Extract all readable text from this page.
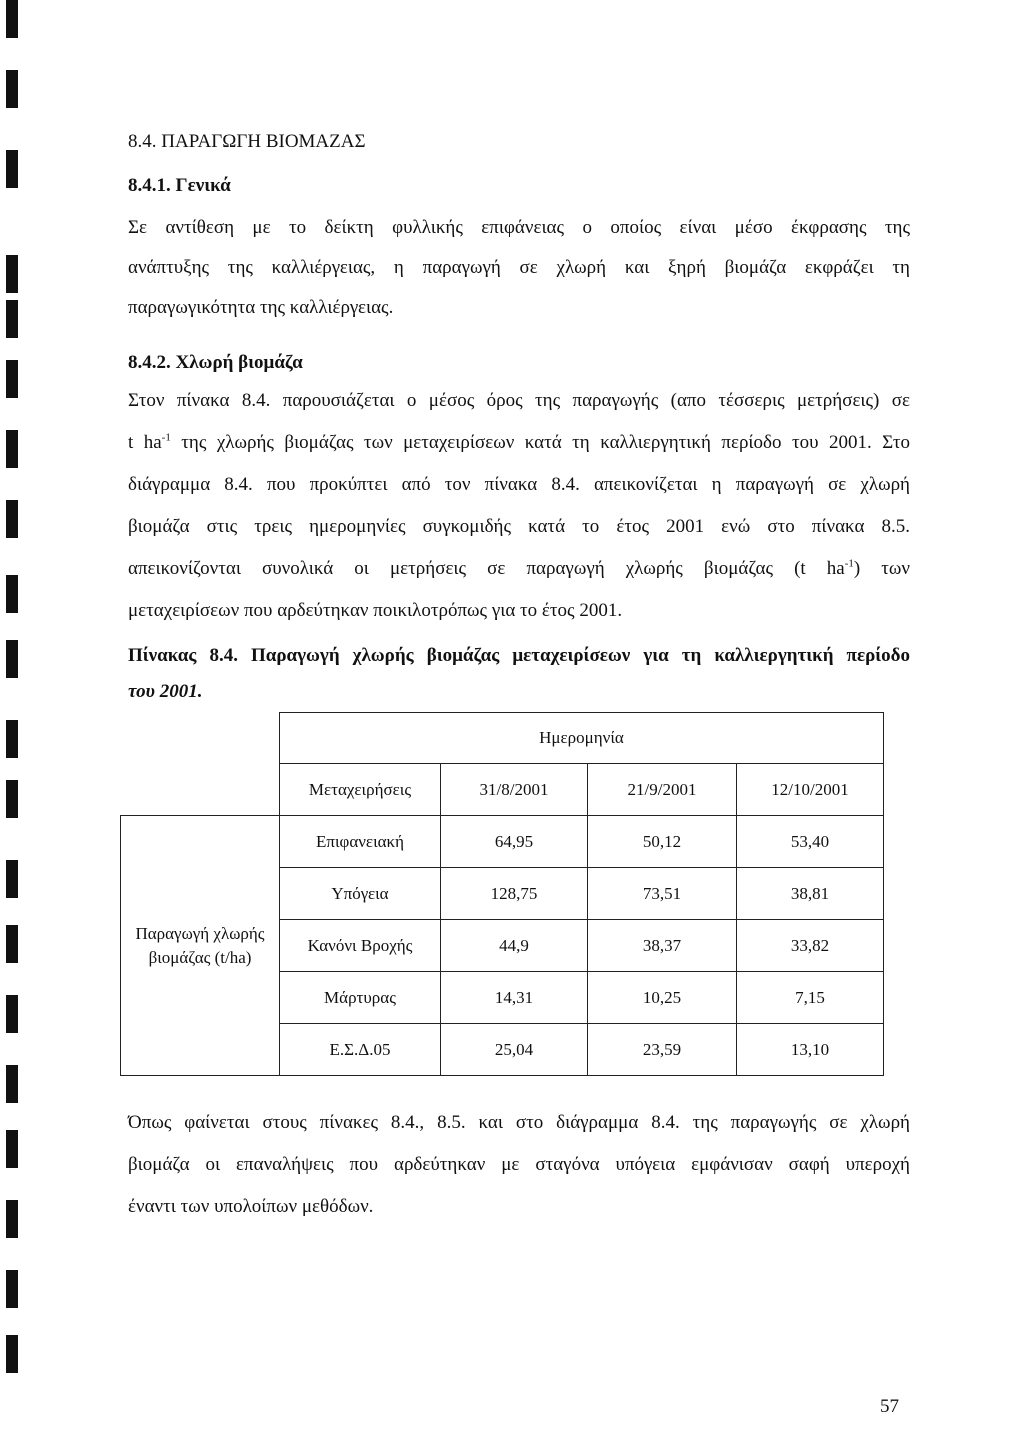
8.4. ΠΑΡΑΓΩΓΗ ΒΙΟΜΑΖΑΣ
8.4.1. Γενικά
Σε αντίθεση με το δείκτη φυλλικής επιφάνειας ο οποίος είναι μέσο έκφρασης της
ανάπτυξης της καλλιέργειας, η παραγωγή σε χλωρή και ξηρή βιομάζα εκφράζει τη
παραγωγικότητα της καλλιέργειας.
8.4.2. Χλωρή βιομάζα
Στον πίνακα 8.4. παρουσιάζεται ο μέσος όρος της παραγωγής (απο τέσσερις μετρήσεις) σε
t $ha^{-1}$ της χλωρής βιομάζας των μεταχειρίσεων κατά τη καλλιεργητική περίοδο του 2001. Στο
διάγραμμα 8.4. που προκύπτει από τον πίνακα 8.4. απεικονίζεται η παραγωγή σε χλωρή
βιομάζα στις τρεις ημερομηνίες συγκομιδής κατά το έτος 2001 ενώ στο πίνακα 8.5.
απεικονίζονται συνολικά οι μετρήσεις σε παραγωγή χλωρής βιομάζας (t $ha^{-1}$) των
μεταχειρίσεων που αρδεύτηκαν ποικιλοτρόπως για το έτος 2001.
Πίνακας 8.4. Παραγωγή χλωρής βιομάζας μεταχειρίσεων για τη καλλιεργητική περίοδο
του 2001.
	Ημερομηνία			
	Μεταχειρήσεις	31/8/2001	21/9/2001	12/10/2001
Παραγωγή χλωρής βιομάζας (t/ha)	Επιφανειακή	64,95	50,12	53,40
	Υπόγεια	128,75	73,51	38,81
	Κανόνι Βροχής	44,9	38,37	33,82
	Μάρτυρας	14,31	10,25	7,15
	Ε.Σ.Δ.05	25,04	23,59	13,10
Όπως φαίνεται στους πίνακες 8.4., 8.5. και στο διάγραμμα 8.4. της παραγωγής σε χλωρή
βιομάζα οι επαναλήψεις που αρδεύτηκαν με σταγόνα υπόγεια εμφάνισαν σαφή υπεροχή
έναντι των υπολοίπων μεθόδων.
57
